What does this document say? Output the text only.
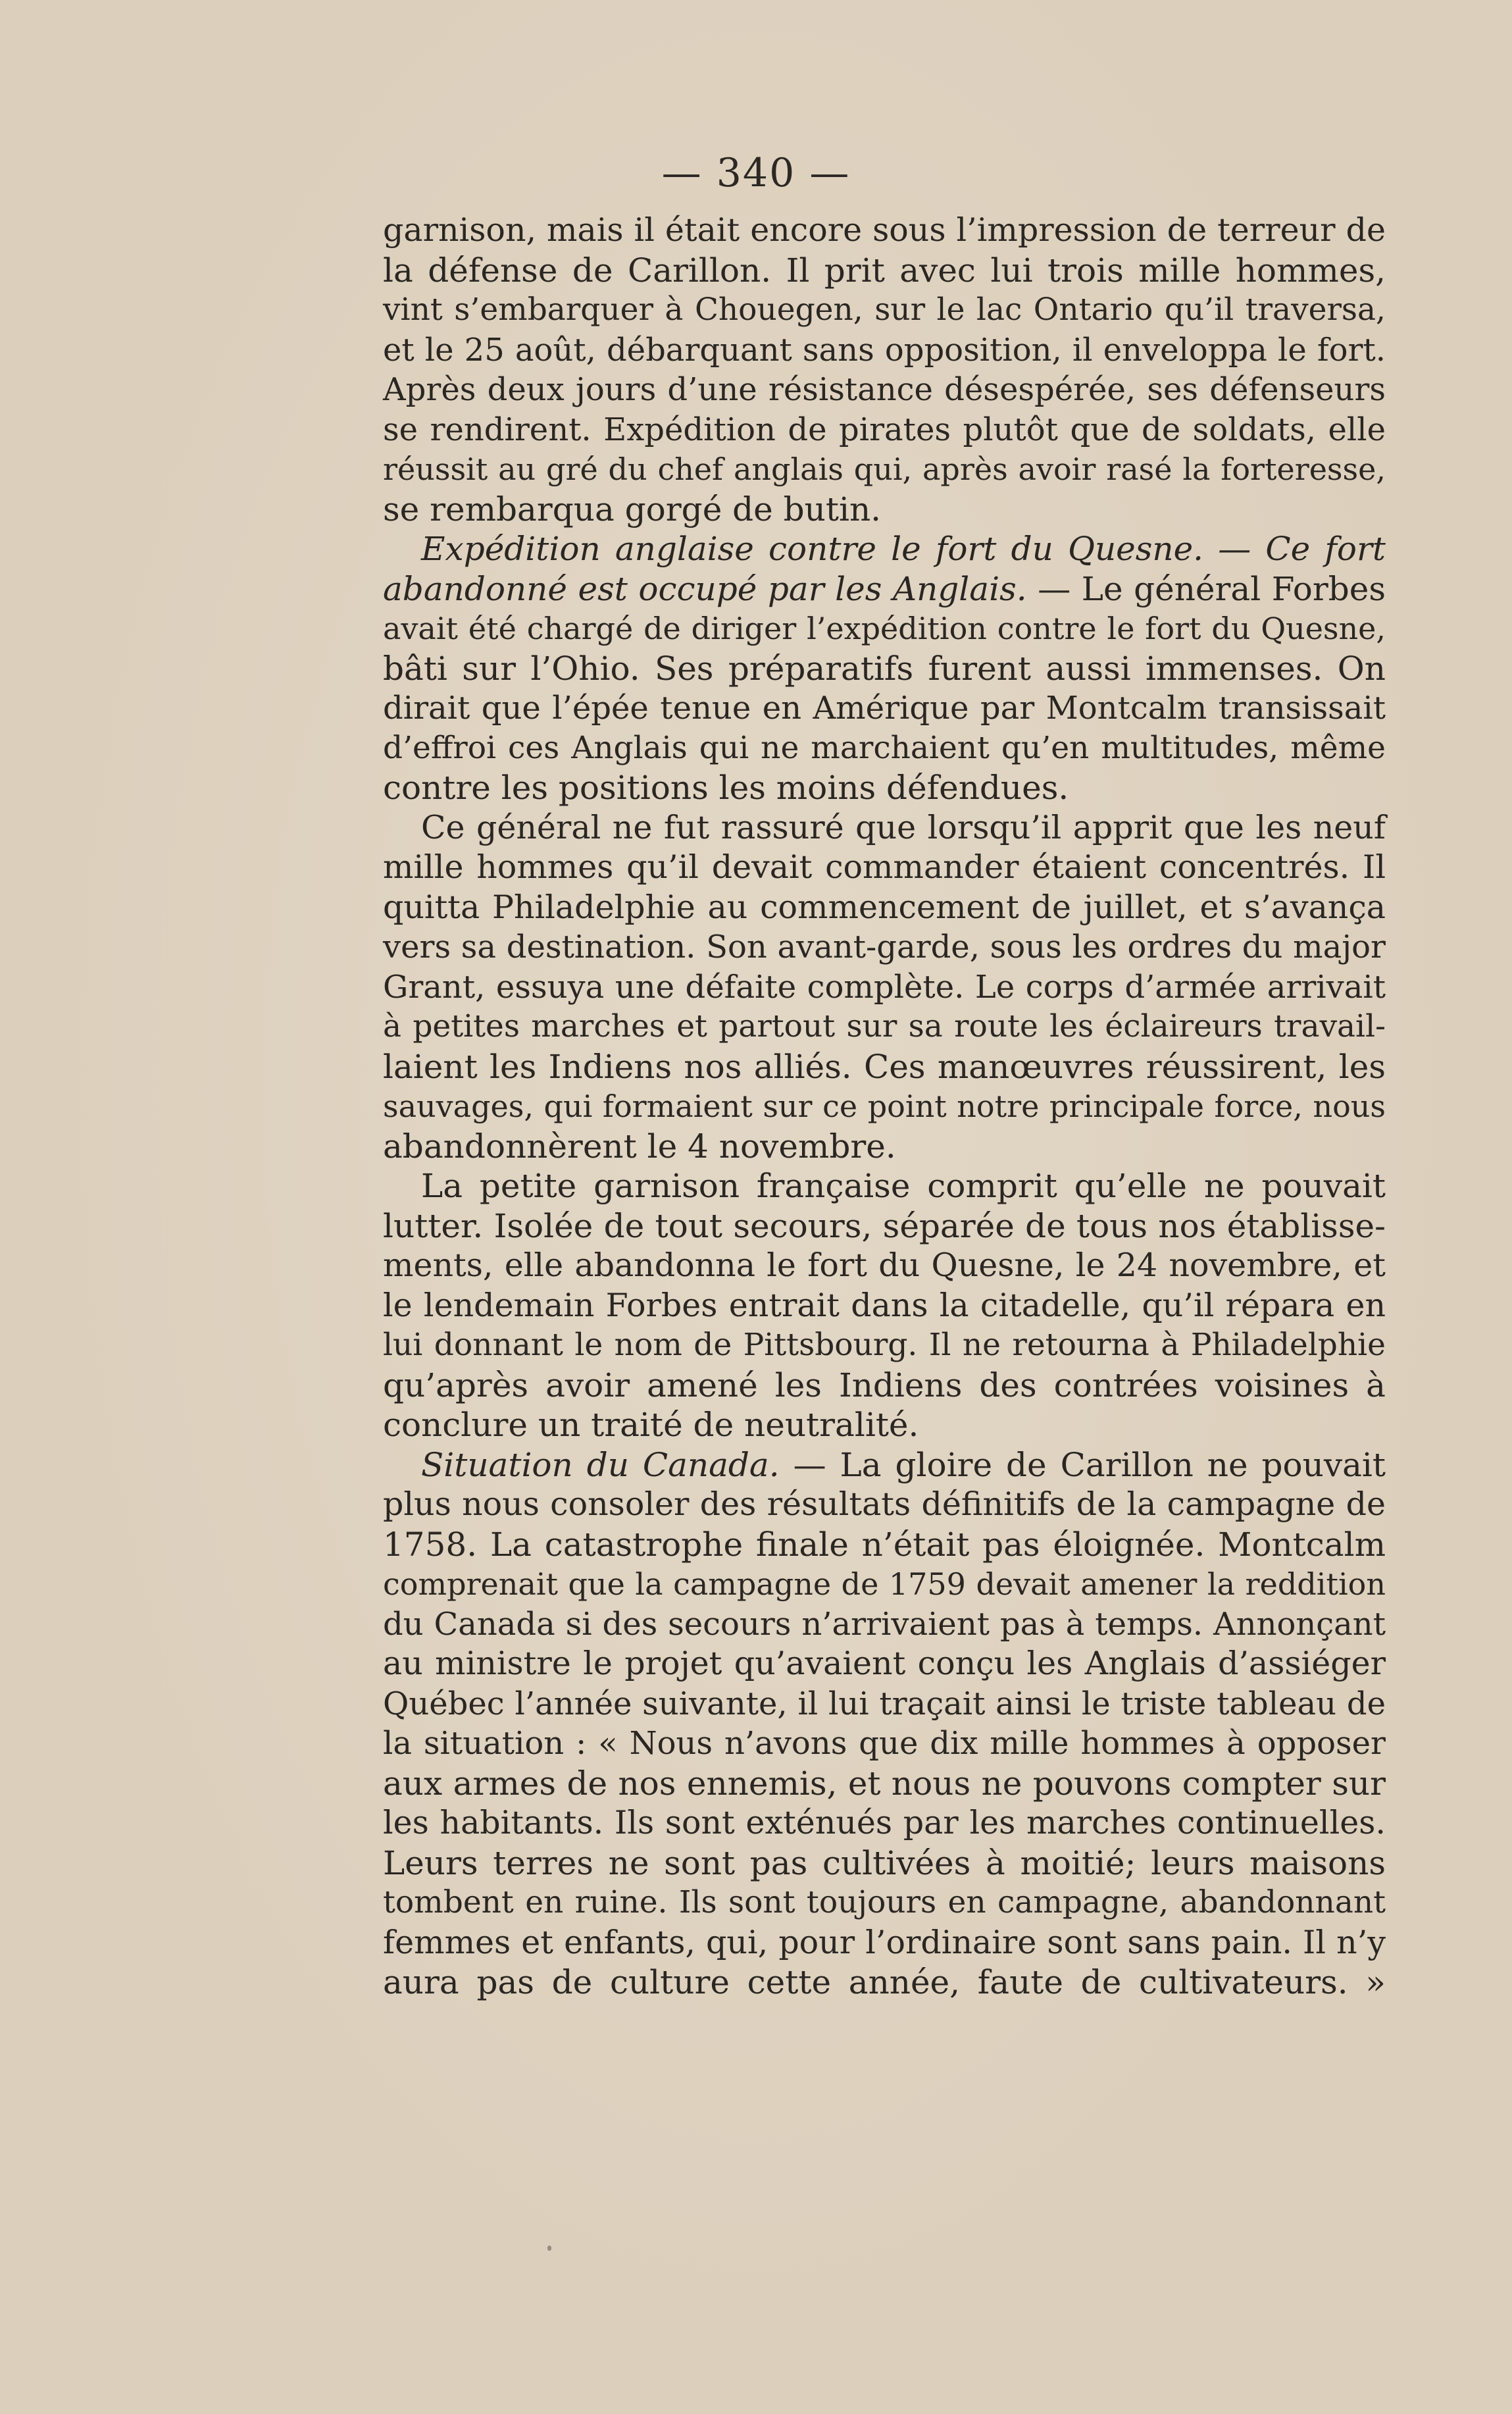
— 340 —
garnison, mais il était encore sous l’impression de terreur de
la défense de Carillon. Il prit avec lui trois mille hommes,
vint s’embarquer à Chouegen, sur le lac Ontario qu’il traversa,
et le 25 août, débarquant sans opposition, il enveloppa le fort.
Après deux jours d’une résistance désespérée, ses défenseurs
se rendirent. Expédition de pirates plutôt que de soldats, elle
réussit au gré du chef anglais qui, après avoir rasé la forteresse,
se rembarqua gorgé de butin.
Expédition anglaise contre le fort du Quesne. — Ce fort
abandonné est occupé par les Anglais. — Le général Forbes
avait été chargé de diriger l’expédition contre le fort du Quesne,
bâti sur l’Ohio. Ses préparatifs furent aussi immenses. On
dirait que l’épée tenue en Amérique par Montcalm transissait
d’effroi ces Anglais qui ne marchaient qu’en multitudes, même
contre les positions les moins défendues.
Ce général ne fut rassuré que lorsqu’il apprit que les neuf
mille hommes qu’il devait commander étaient concentrés. Il
quitta Philadelphie au commencement de juillet, et s’avança
vers sa destination. Son avant-garde, sous les ordres du major
Grant, essuya une défaite complète. Le corps d’armée arrivait
à petites marches et partout sur sa route les éclaireurs travail-
laient les Indiens nos alliés. Ces manœuvres réussirent, les
sauvages, qui formaient sur ce point notre principale force, nous
abandonnèrent le 4 novembre.
La petite garnison française comprit qu’elle ne pouvait
lutter. Isolée de tout secours, séparée de tous nos établisse-
ments, elle abandonna le fort du Quesne, le 24 novembre, et
le lendemain Forbes entrait dans la citadelle, qu’il répara en
lui donnant le nom de Pittsbourg. Il ne retourna à Philadelphie
qu’après avoir amené les Indiens des contrées voisines à
conclure un traité de neutralité.
Situation du Canada. — La gloire de Carillon ne pouvait
plus nous consoler des résultats définitifs de la campagne de
1758. La catastrophe finale n’était pas éloignée. Montcalm
comprenait que la campagne de 1759 devait amener la reddition
du Canada si des secours n’arrivaient pas à temps. Annonçant
au ministre le projet qu’avaient conçu les Anglais d’assiéger
Québec l’année suivante, il lui traçait ainsi le triste tableau de
la situation : « Nous n’avons que dix mille hommes à opposer
aux armes de nos ennemis, et nous ne pouvons compter sur
les habitants. Ils sont exténués par les marches continuelles.
Leurs terres ne sont pas cultivées à moitié; leurs maisons
tombent en ruine. Ils sont toujours en campagne, abandonnant
femmes et enfants, qui, pour l’ordinaire sont sans pain. Il n’y
aura pas de culture cette année, faute de cultivateurs. »
